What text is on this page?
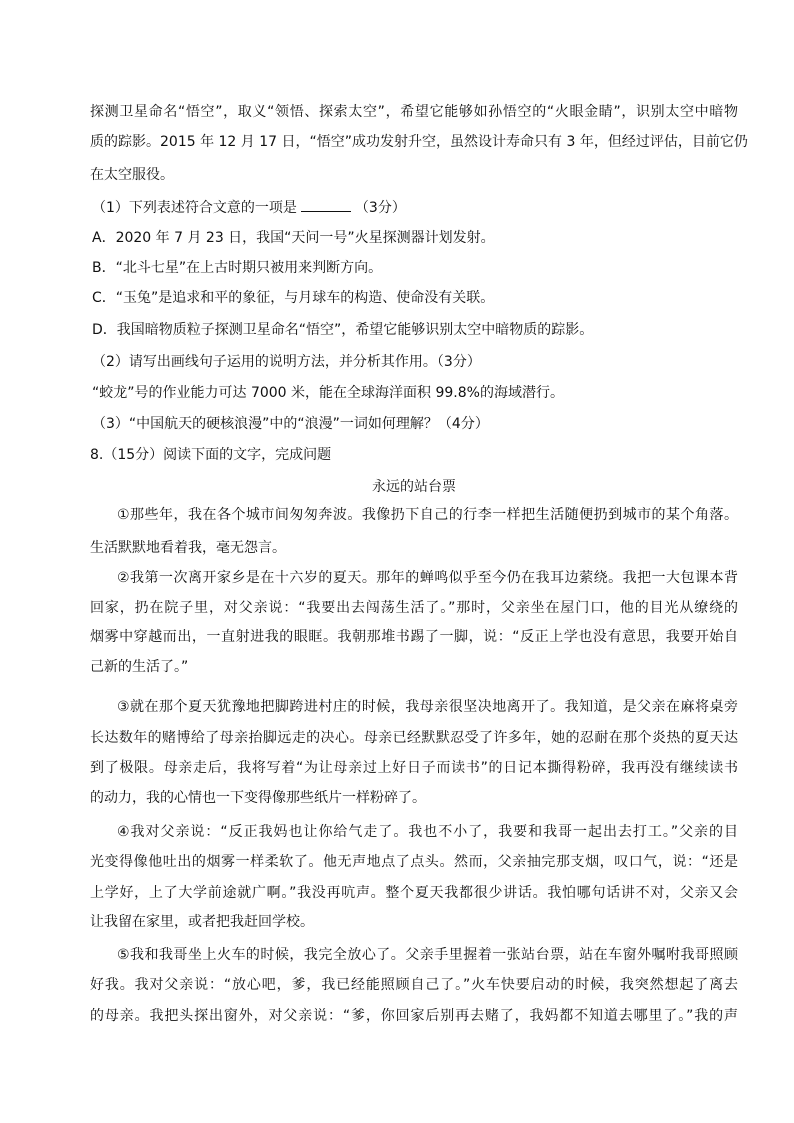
探测卫星命名“悟空”，取义“领悟、探索太空”，希望它能够如孙悟空的“火眼金睛”，识别太空中暗物
质的踪影。2015 年 12 月 17 日，“悟空”成功发射升空，虽然设计寿命只有 3 年，但经过评估，目前它仍
在太空服役。
（1）下列表述符合文意的一项是	（3分）
A．2020 年 7 月 23 日，我国“天问一号”火星探测器计划发射。
B．“北斗七星”在上古时期只被用来判断方向。
C．“玉兔”是追求和平的象征，与月球车的构造、使命没有关联。
D．我国暗物质粒子探测卫星命名“悟空”，希望它能够识别太空中暗物质的踪影。
（2）请写出画线句子运用的说明方法，并分析其作用。（3分）
“蛟龙”号的作业能力可达 7000 米，能在全球海洋面积 99.8%的海域潜行。
（3）“中国航天的硬核浪漫”中的“浪漫”一词如何理解？（4分）
8.（15分）阅读下面的文字，完成问题
永远的站台票
①那些年，我在各个城市间匆匆奔波。我像扔下自己的行李一样把生活随便扔到城市的某个角落。
生活默默地看着我，毫无怨言。
②我第一次离开家乡是在十六岁的夏天。那年的蝉鸣似乎至今仍在我耳边萦绕。我把一大包课本背
回家，扔在院子里，对父亲说：“我要出去闯荡生活了。”那时，父亲坐在屋门口，他的目光从缭绕的
烟雾中穿越而出，一直射进我的眼眶。我朝那堆书踢了一脚，说：“反正上学也没有意思，我要开始自
己新的生活了。”
③就在那个夏天犹豫地把脚跨进村庄的时候，我母亲很坚决地离开了。我知道，是父亲在麻将桌旁
长达数年的赌博给了母亲抬脚远走的决心。母亲已经默默忍受了许多年，她的忍耐在那个炎热的夏天达
到了极限。母亲走后，我将写着“为让母亲过上好日子而读书”的日记本撕得粉碎，我再没有继续读书
的动力，我的心情也一下变得像那些纸片一样粉碎了。
④我对父亲说：“反正我妈也让你给气走了。我也不小了，我要和我哥一起出去打工。”父亲的目
光变得像他吐出的烟雾一样柔软了。他无声地点了点头。然而，父亲抽完那支烟，叹口气，说：“还是
上学好，上了大学前途就广啊。”我没再吭声。整个夏天我都很少讲话。我怕哪句话讲不对，父亲又会
让我留在家里，或者把我赶回学校。
⑤我和我哥坐上火车的时候，我完全放心了。父亲手里握着一张站台票，站在车窗外嘱咐我哥照顾
好我。我对父亲说：“放心吧，爹，我已经能照顾自己了。”火车快要启动的时候，我突然想起了离去
的母亲。我把头探出窗外，对父亲说：“爹，你回家后别再去赌了，我妈都不知道去哪里了。”我的声
